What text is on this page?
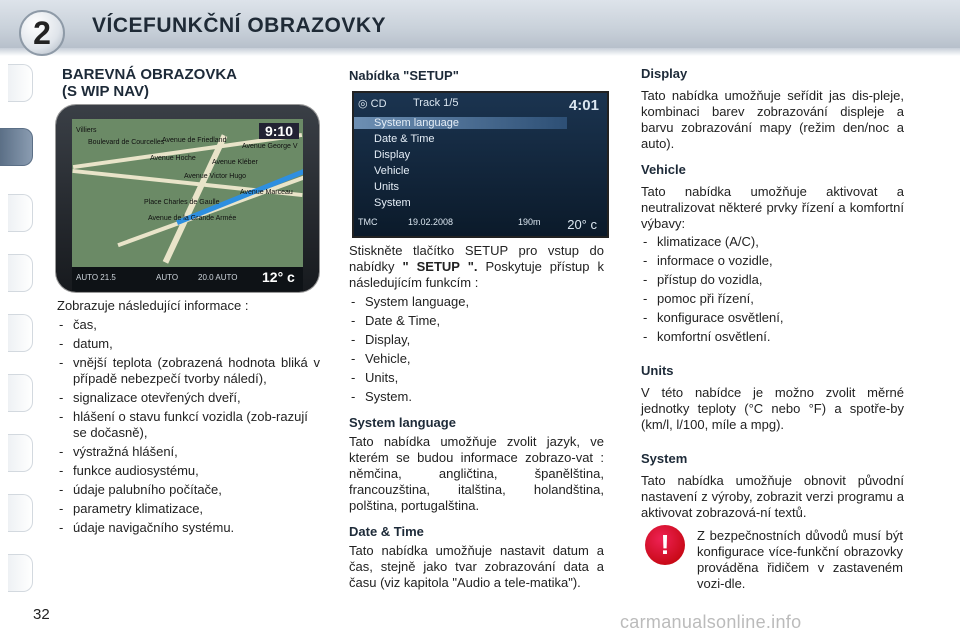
2	VÍCEFUNKČNÍ OBRAZOVKY
BAREVNÁ OBRAZOVKA
(S WIP NAV)
Villiers
Boulevard de Courcelles
Avenue de Friedland
Avenue Hoche
Avenue Kléber
Avenue Victor Hugo
Avenue Marceau
Place Charles de Gaulle
Avenue de la Grande Armée
Avenue George V
9:10
AUTO 21.5	AUTO 20.0 AUTO 12° c

Zobrazuje následující informace :

- čas,
- datum,
- vnější teplota (zobrazená hodnota bliká v případě nebezpečí tvorby náledí),
- signalizace otevřených dveří,
- hlášení o stavu funkcí vozidla (zob-razují se dočasně),
- výstražná hlášení,
- funkce audiosystému,
- údaje palubního počítače,
- parametry klimatizace,
- údaje navigačního systému.
Nabídka "SETUP"
◎ CD Track 1/5	4:01
System language
Date & Time
Display
Vehicle
Units
System
TMC	19.02.2008	190m 20° c

Stiskněte tlačítko SETUP pro vstup do nabídky " SETUP ". Poskytuje přístup k následujícím funkcím :

- System language,
- Date & Time,
- Display,
- Vehicle,
- Units,
- System.
System language

Tato nabídka umožňuje zvolit jazyk, ve kterém se budou informace zobrazo-vat : němčina, angličtina, španělština, francouzština, italština, holandština, polština, portugalština.

Date & Time

Tato nabídka umožňuje nastavit datum a čas, stejně jako tvar zobrazování data a času (viz kapitola "Audio a tele-matika").

Display

Tato nabídka umožňuje seřídit jas dis-pleje, kombinaci barev zobrazování displeje a barvu zobrazování mapy (režim den/noc a auto).

Vehicle

Tato nabídka umožňuje aktivovat a neutralizovat některé prvky řízení a komfortní výbavy:

- klimatizace (A/C),
- informace o vozidle,
- přístup do vozidla,
- pomoc při řízení,
- konfigurace osvětlení,
- komfortní osvětlení.
Units

V této nabídce je možno zvolit měrné jednotky teploty (°C nebo °F) a spotře-by (km/l, l/100, míle a mpg).

System

Tato nabídka umožňuje obnovit původní nastavení z výroby, zobrazit verzi programu a aktivovat zobrazová-ní textů.

!	Z bezpečnostních důvodů musí být konfigurace více-funkční obrazovky prováděna řidičem v zastaveném vozi-dle.

32	carmanualsonline.info
